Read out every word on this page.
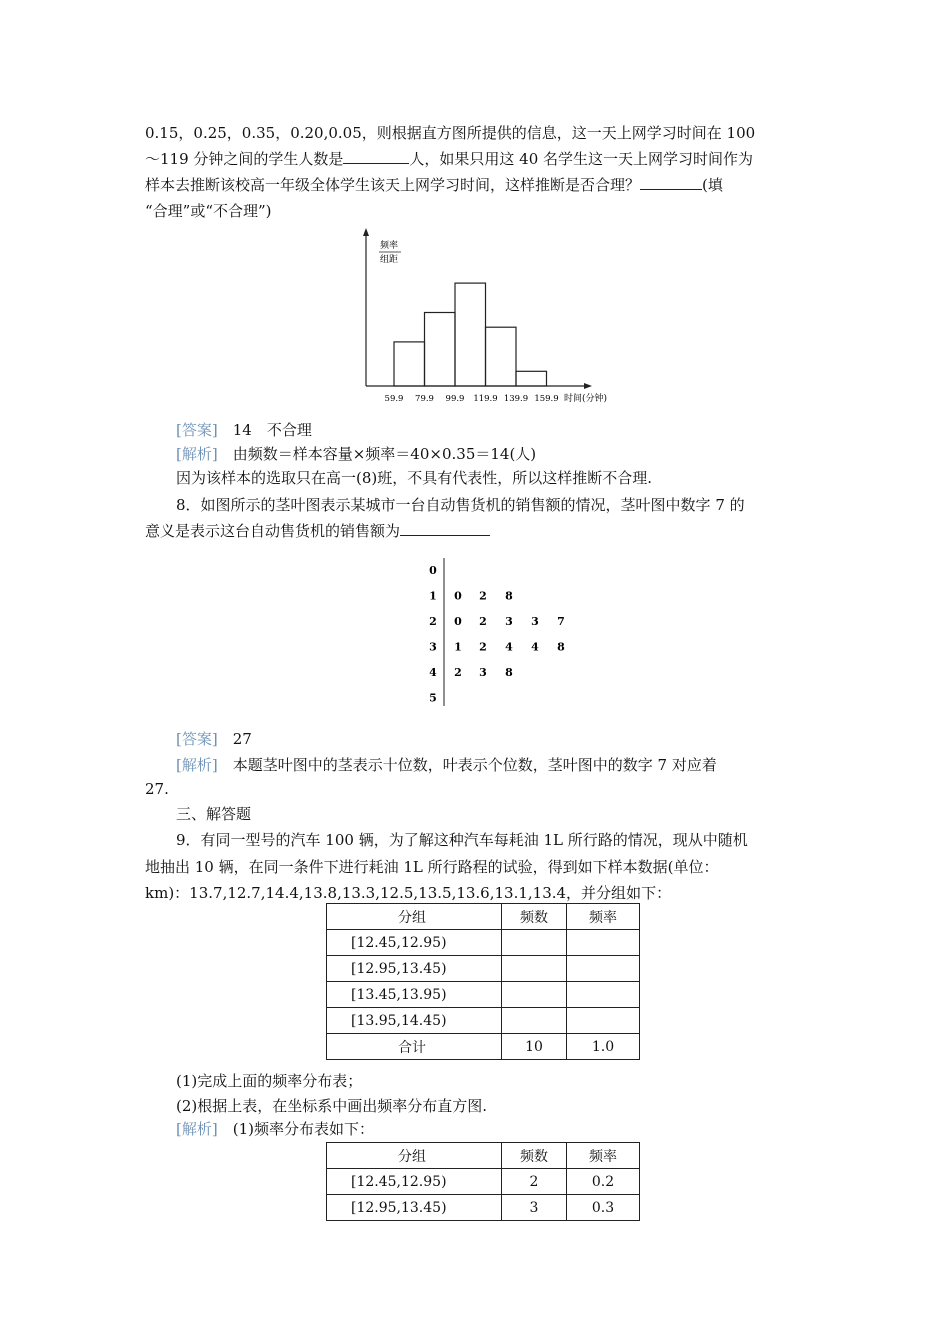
0.15，0.25，0.35，0.20,0.05，则根据直方图所提供的信息，这一天上网学习时间在 100
～119 分钟之间的学生人数是	人，如果只用这 40 名学生这一天上网学习时间作为
样本去推断该校高一年级全体学生该天上网学习时间，这样推断是否合理？	(填
“合理”或“不合理”)
频率
组距
59.9 79.9 99.9 119.9 139.9 159.9 时间(分钟)
[答案]　 14　不合理
[解析]　 由频数＝样本容量×频率＝40×0.35＝14(人)
因为该样本的选取只在高一(8)班，不具有代表性，所以这样推断不合理.
8．如图所示的茎叶图表示某城市一台自动售货机的销售额的情况，茎叶图中数字 7 的
意义是表示这台自动售货机的销售额为
0
1 0 2 8
2 0 2 3 3 7
3 1 2 4 4 8
4 2 3 8
5
[答案]　 27
[解析]　 本题茎叶图中的茎表示十位数，叶表示个位数，茎叶图中的数字 7 对应着
27.
三、解答题
9．有同一型号的汽车 100 辆，为了解这种汽车每耗油 1L 所行路的情况，现从中随机
地抽出 10 辆，在同一条件下进行耗油 1L 所行路程的试验，得到如下样本数据(单位：
km)：13.7,12.7,14.4,13.8,13.3,12.5,13.5,13.6,13.1,13.4，并分组如下：
分组	频数	频率
[12.45,12.95)		
[12.95,13.45)		
[13.45,13.95)		
[13.95,14.45)		
合计	10	1.0
(1)完成上面的频率分布表；
(2)根据上表，在坐标系中画出频率分布直方图.
[解析]　 (1)频率分布表如下：
分组	频数	频率
[12.45,12.95)	2	0.2
[12.95,13.45)	3	0.3
